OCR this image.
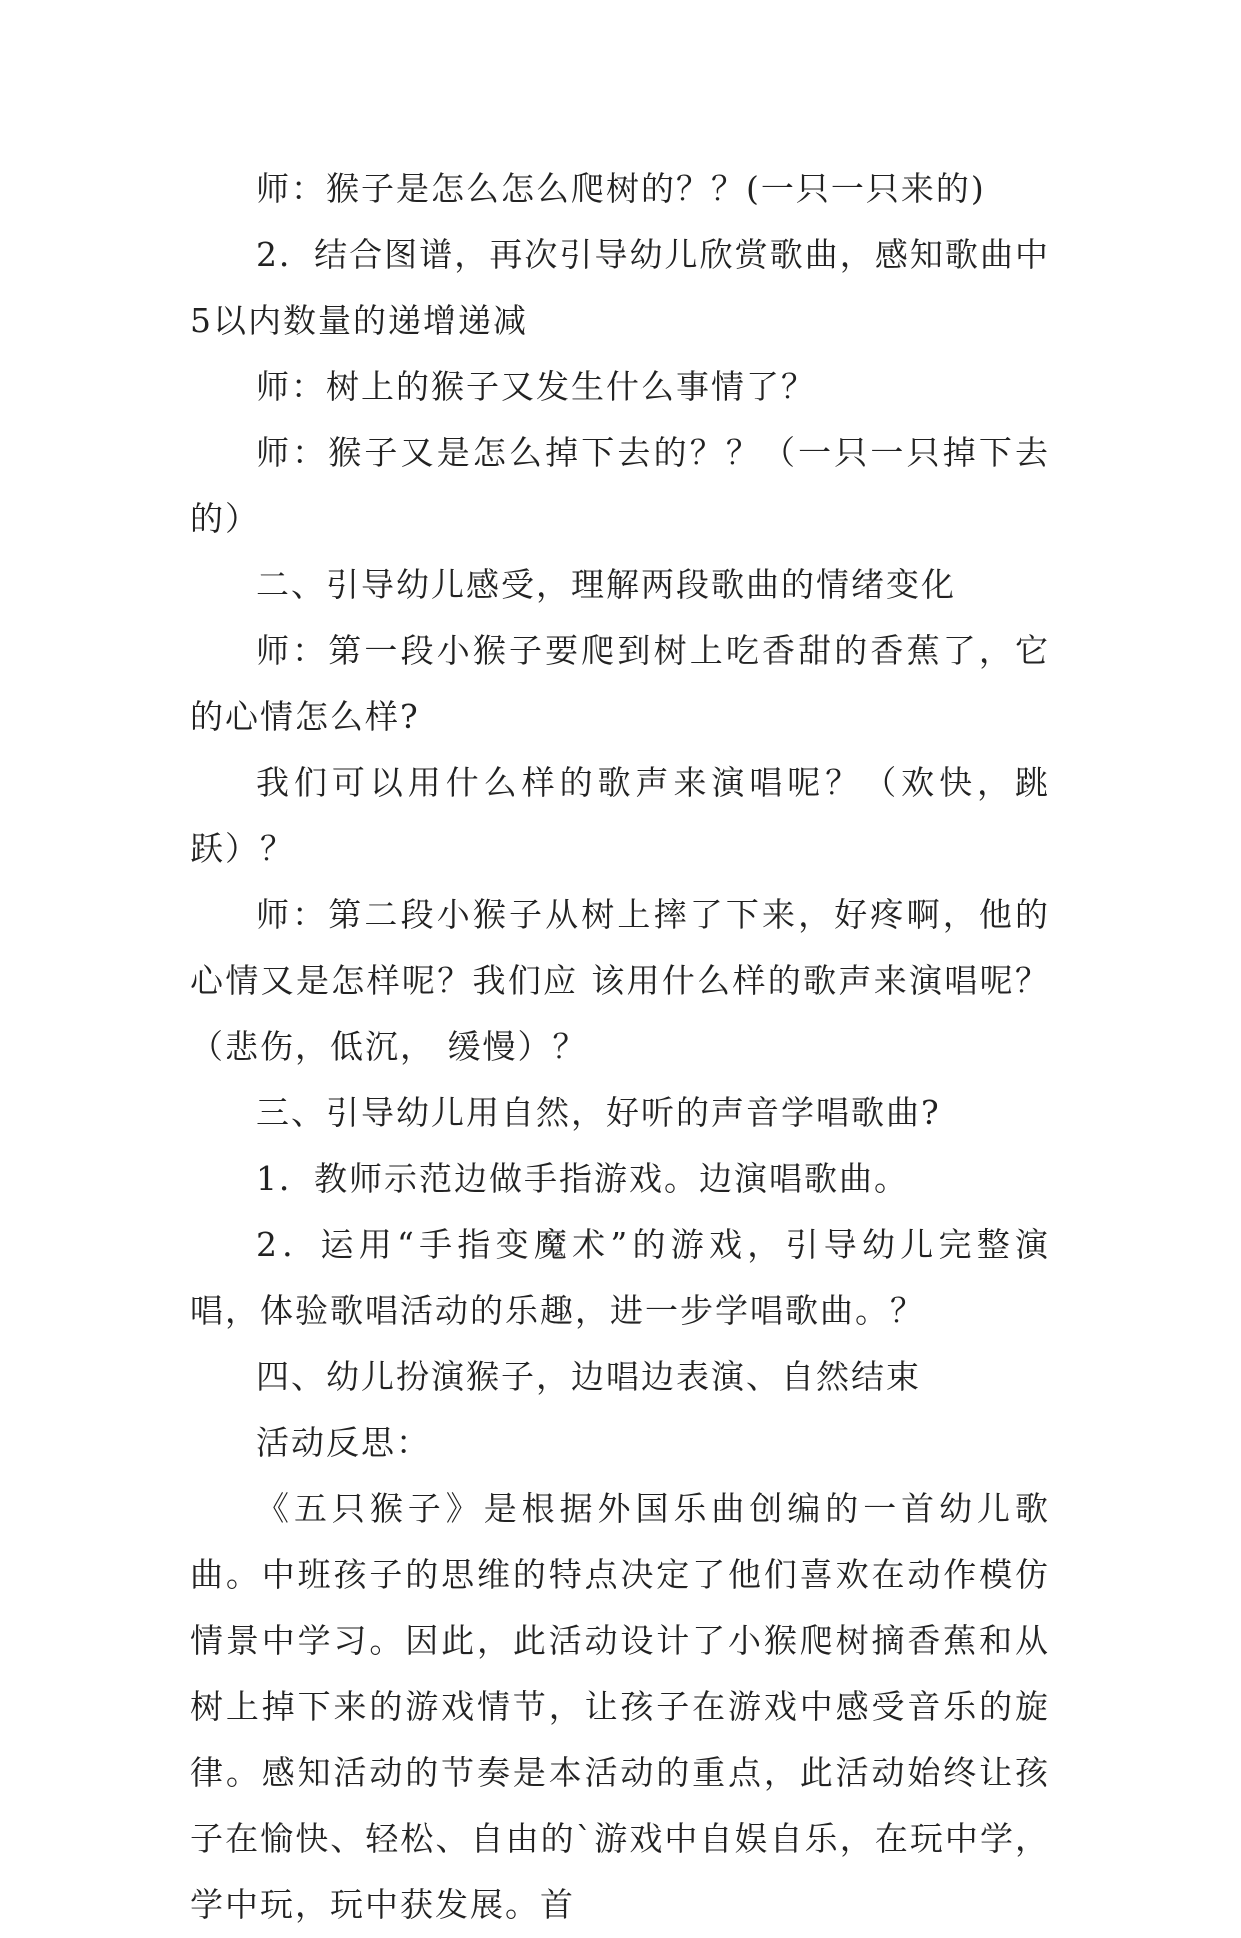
师：猴子是怎么怎么爬树的？？(一只一只来的)

2．结合图谱，再次引导幼儿欣赏歌曲，感知歌曲中5以内数量的递增递减

师：树上的猴子又发生什么事情了？

师：猴子又是怎么掉下去的？？（一只一只掉下去的）

二、引导幼儿感受，理解两段歌曲的情绪变化

师：第一段小猴子要爬到树上吃香甜的香蕉了，它的心情怎么样?

我们可以用什么样的歌声来演唱呢？（欢快，跳跃）？

师：第二段小猴子从树上摔了下来，好疼啊，他的心情又是怎样呢？我们应 该用什么样的歌声来演唱呢？（悲伤，低沉， 缓慢）？

三、引导幼儿用自然，好听的声音学唱歌曲?

1．教师示范边做手指游戏。边演唱歌曲。

2．运用“手指变魔术”的游戏，引导幼儿完整演唱，体验歌唱活动的乐趣，进一步学唱歌曲。？

四、幼儿扮演猴子，边唱边表演、自然结束

活动反思：

《五只猴子》是根据外国乐曲创编的一首幼儿歌曲。中班孩子的思维的特点决定了他们喜欢在动作模仿情景中学习。因此，此活动设计了小猴爬树摘香蕉和从树上掉下来的游戏情节，让孩子在游戏中感受音乐的旋律。感知活动的节奏是本活动的重点，此活动始终让孩子在愉快、轻松、自由的`游戏中自娱自乐，在玩中学，学中玩，玩中获发展。首
